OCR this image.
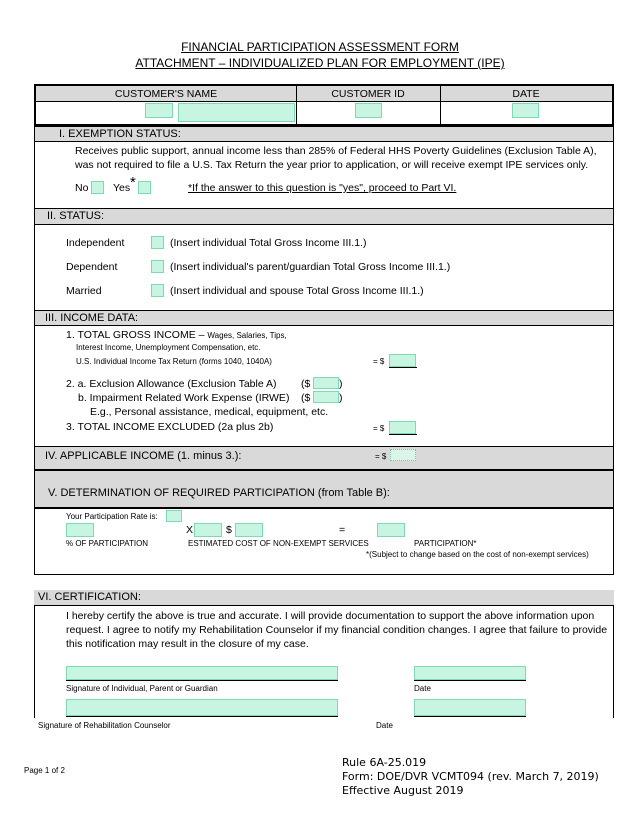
FINANCIAL PARTICIPATION ASSESSMENT FORM
ATTACHMENT – INDIVIDUALIZED PLAN FOR EMPLOYMENT (IPE)
CUSTOMER'S NAME	CUSTOMER ID	DATE
I. EXEMPTION STATUS:
Receives public support, annual income less than 285% of Federal HHS Poverty Guidelines (Exclusion Table A),
was not required to file a U.S. Tax Return the year prior to application, or will receive exempt IPE services only.
No Yes *	*If the answer to this question is "yes", proceed to Part VI.
II. STATUS:
Independent	(Insert individual Total Gross Income III.1.)
Dependent	(Insert individual's parent/guardian Total Gross Income III.1.)
Married	(Insert individual and spouse Total Gross Income III.1.)
III. INCOME DATA:
1. TOTAL GROSS INCOME – Wages, Salaries, Tips,
Interest Income, Unemployment Compensation, etc.
U.S. Individual Income Tax Return (forms 1040, 1040A)	= $
2. a. Exclusion Allowance (Exclusion Table A) ($	)
b. Impairment Related Work Expense (IRWE) ($	)
E.g., Personal assistance, medical, equipment, etc.
3. TOTAL INCOME EXCLUDED (2a plus 2b)	= $
IV. APPLICABLE INCOME (1. minus 3.):	= $
V. DETERMINATION OF REQUIRED PARTICIPATION (from Table B):
Your Participation Rate is:
X	$	=
% OF PARTICIPATION	ESTIMATED COST OF NON-EXEMPT SERVICES	PARTICIPATION*
*(Subject to change based on the cost of non-exempt services)
VI. CERTIFICATION:
I hereby certify the above is true and accurate. I will provide documentation to support the above information upon
request. I agree to notify my Rehabilitation Counselor if my financial condition changes. I agree that failure to provide
this notification may result in the closure of my case.
Signature of Individual, Parent or Guardian	Date
Signature of Rehabilitation Counselor	Date
Page 1 of 2
Rule 6A-25.019
Form: DOE/DVR VCMT094 (rev. March 7, 2019)
Effective August 2019
